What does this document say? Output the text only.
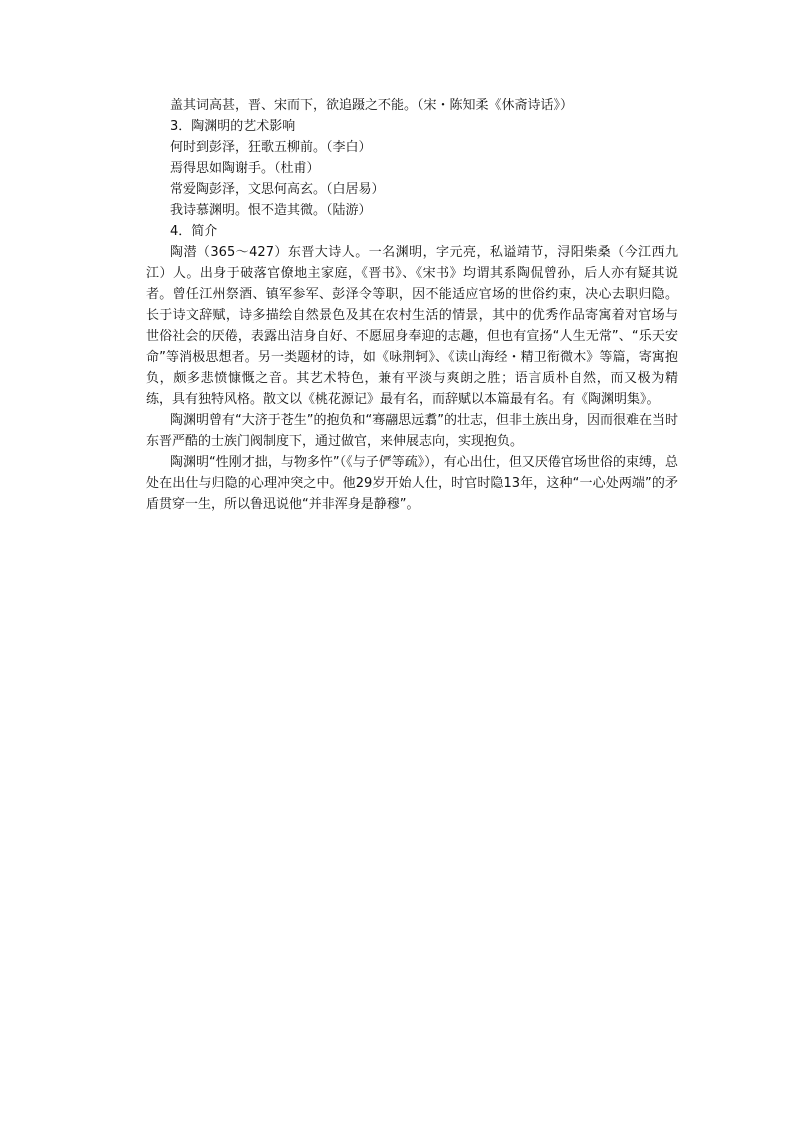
盖其词高甚，晋、宋而下，欲追蹑之不能。（宋・陈知柔《休斋诗话》）

3．陶渊明的艺术影响

何时到彭泽，狂歌五柳前。（李白）

焉得思如陶谢手。（杜甫）

常爱陶彭泽，文思何高玄。（白居易）

我诗慕渊明。恨不造其微。（陆游）

4．简介

陶潜（365～427）东晋大诗人。一名渊明，字元亮，私谥靖节，浔阳柴桑（今江西九江）人。出身于破落官僚地主家庭，《晋书》、《宋书》均谓其系陶侃曾孙，后人亦有疑其说者。曾任江州祭酒、镇军参军、彭泽令等职，因不能适应官场的世俗约束，决心去职归隐。长于诗文辞赋，诗多描绘自然景色及其在农村生活的情景，其中的优秀作品寄寓着对官场与世俗社会的厌倦，表露出洁身自好、不愿屈身奉迎的志趣，但也有宣扬“人生无常”、“乐天安命”等消极思想者。另一类题材的诗，如《咏荆轲》、《读山海经・精卫衔微木》等篇，寄寓抱负，颇多悲愤慷慨之音。其艺术特色，兼有平淡与爽朗之胜；语言质朴自然，而又极为精练，具有独特风格。散文以《桃花源记》最有名，而辞赋以本篇最有名。有《陶渊明集》。

陶渊明曾有“大济于苍生”的抱负和“骞翮思远翥”的壮志，但非土族出身，因而很难在当时东晋严酷的士族门阀制度下，通过做官，来伸展志向，实现抱负。

陶渊明“性刚才拙，与物多忤”（《与子俨等疏》），有心出仕，但又厌倦官场世俗的束缚，总处在出仕与归隐的心理冲突之中。他29岁开始人仕，时官时隐13年，这种“一心处两端”的矛盾贯穿一生，所以鲁迅说他“并非浑身是静穆”。
